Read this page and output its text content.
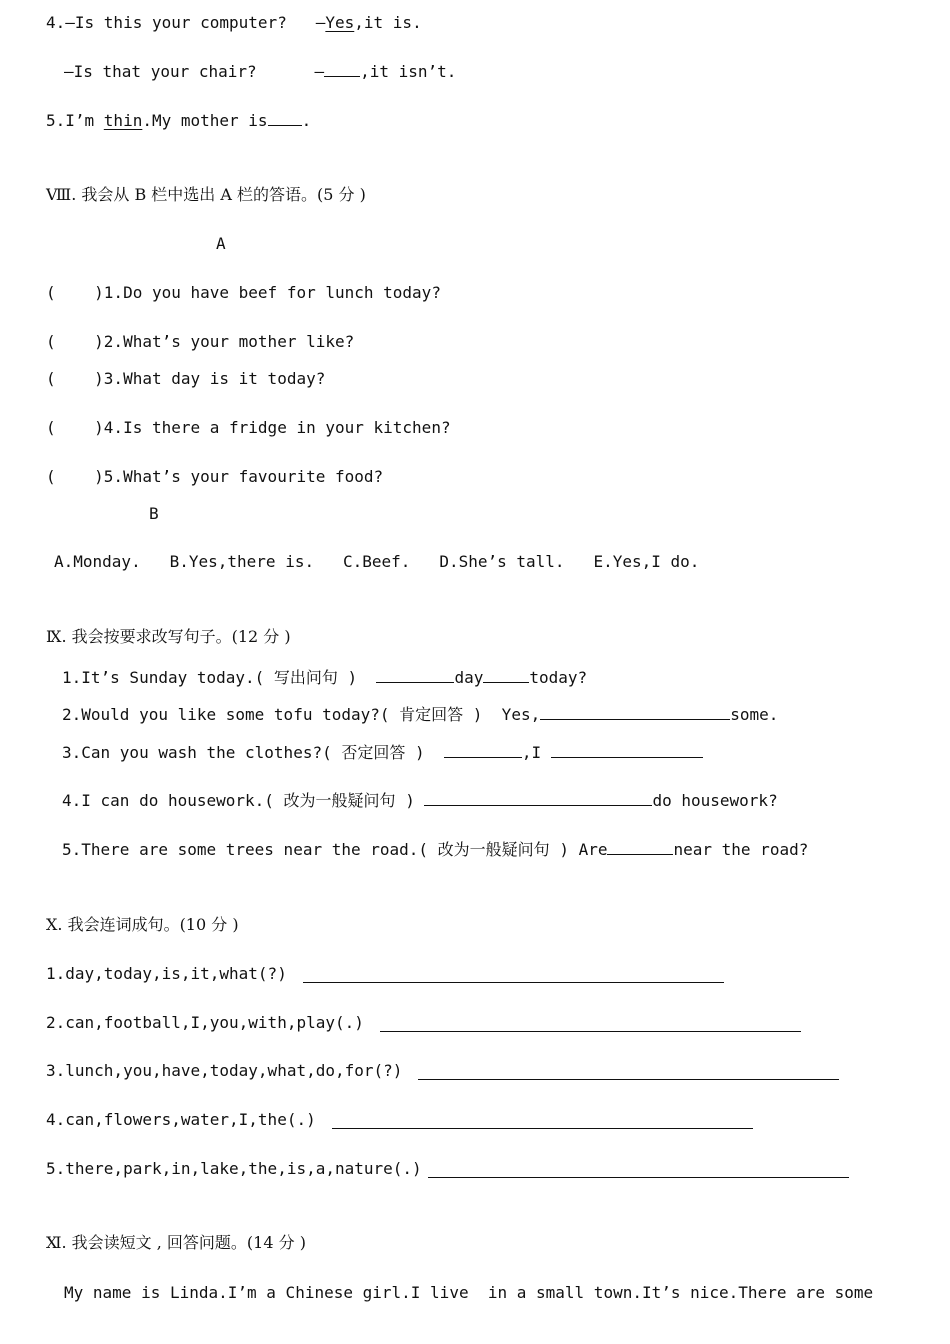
4.—Is this your computer?   —Yes,it is.
—Is that your chair?      — ,it isn’t.
5.I’m thin.My mother is .
Ⅷ. 我会从 B 栏中选出 A 栏的答语。(5 分 )
A
(    )1.Do you have beef for lunch today?
(    )2.What’s your mother like?
(    )3.What day is it today?
(    )4.Is there a fridge in your kitchen?
(    )5.What’s your favourite food?
B
A.Monday.   B.Yes,there is.   C.Beef.   D.She’s tall.   E.Yes,I do.
Ⅸ. 我会按要求改写句子。(12 分 )
1.It’s Sunday today.( 写出问句 )	day	today?
2.Would you like some tofu today?( 肯定回答 )  Yes,	some.
3.Can you wash the clothes?( 否定回答 )	,I
4.I can do housework.( 改为一般疑问句 )	do housework?
5.There are some trees near the road.( 改为一般疑问句 ) Are	near the road?
Ⅹ. 我会连词成句。(10 分 )
1.day,today,is,it,what(?)
2.can,football,I,you,with,play(.)
3.lunch,you,have,today,what,do,for(?)
4.can,flowers,water,I,the(.)
5.there,park,in,lake,the,is,a,nature(.)
Ⅺ. 我会读短文 , 回答问题。(14 分 )
My name is Linda.I’m a Chinese girl.I live  in a small town.It’s nice.There are some
